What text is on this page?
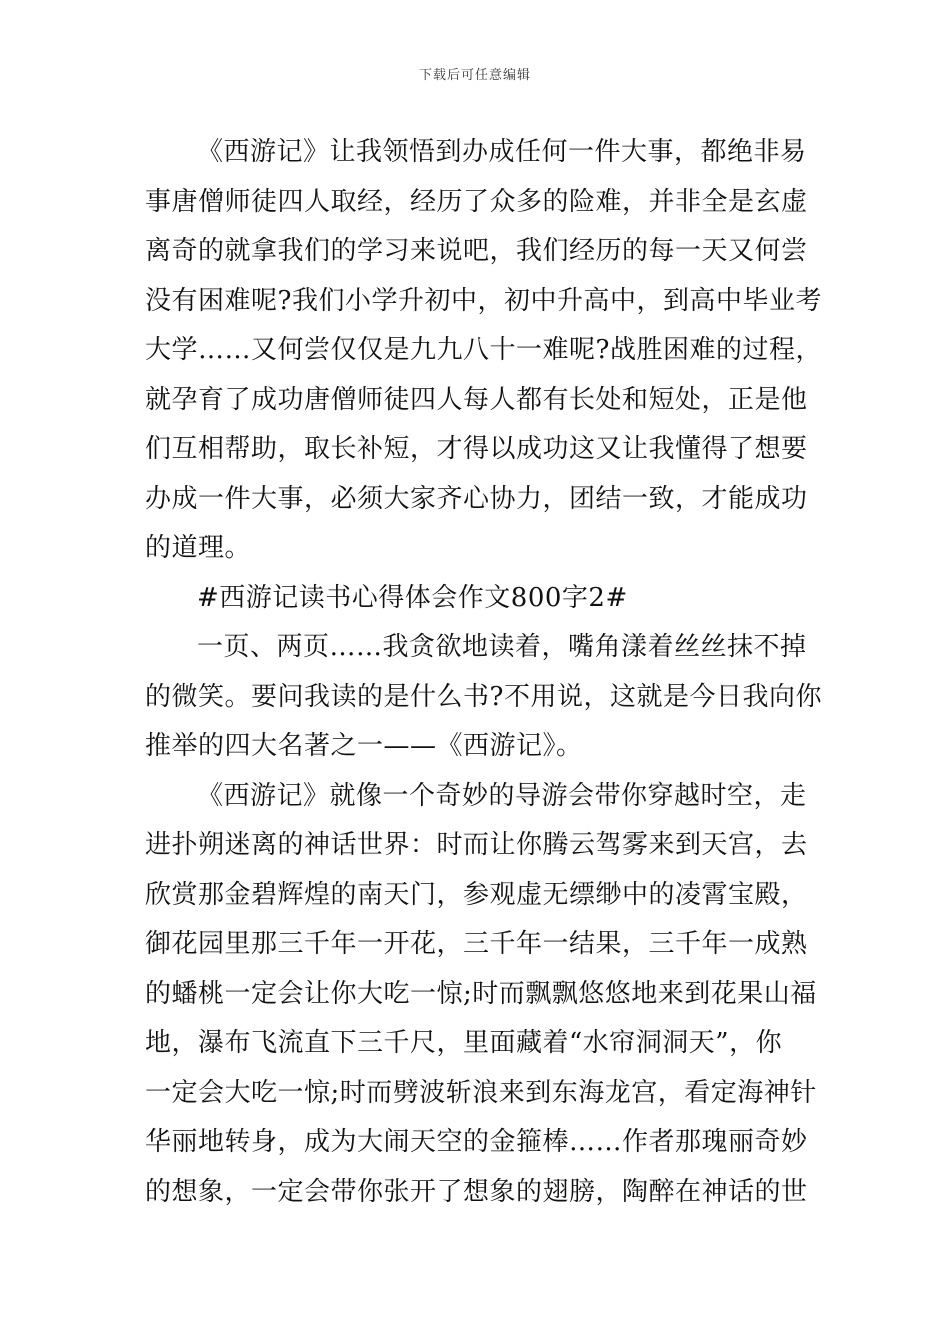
下载后可任意编辑
《西游记》让我领悟到办成任何一件大事，都绝非易
事唐僧师徒四人取经，经历了众多的险难，并非全是玄虚
离奇的就拿我们的学习来说吧，我们经历的每一天又何尝
没有困难呢?我们小学升初中，初中升高中，到高中毕业考
大学……又何尝仅仅是九九八十一难呢?战胜困难的过程，
就孕育了成功唐僧师徒四人每人都有长处和短处，正是他
们互相帮助，取长补短，才得以成功这又让我懂得了想要
办成一件大事，必须大家齐心协力，团结一致，才能成功
的道理。
#西游记读书心得体会作文800字2#
一页、两页……我贪欲地读着，嘴角漾着丝丝抹不掉
的微笑。要问我读的是什么书?不用说，这就是今日我向你
推举的四大名著之一——《西游记》。
《西游记》就像一个奇妙的导游会带你穿越时空，走
进扑朔迷离的神话世界：时而让你腾云驾雾来到天宫，去
欣赏那金碧辉煌的南天门，参观虚无缥缈中的凌霄宝殿，
御花园里那三千年一开花，三千年一结果，三千年一成熟
的蟠桃一定会让你大吃一惊;时而飘飘悠悠地来到花果山福
地，瀑布飞流直下三千尺，里面藏着“水帘洞洞天”，你
一定会大吃一惊;时而劈波斩浪来到东海龙宫，看定海神针
华丽地转身，成为大闹天空的金箍棒……作者那瑰丽奇妙
的想象，一定会带你张开了想象的翅膀，陶醉在神话的世
